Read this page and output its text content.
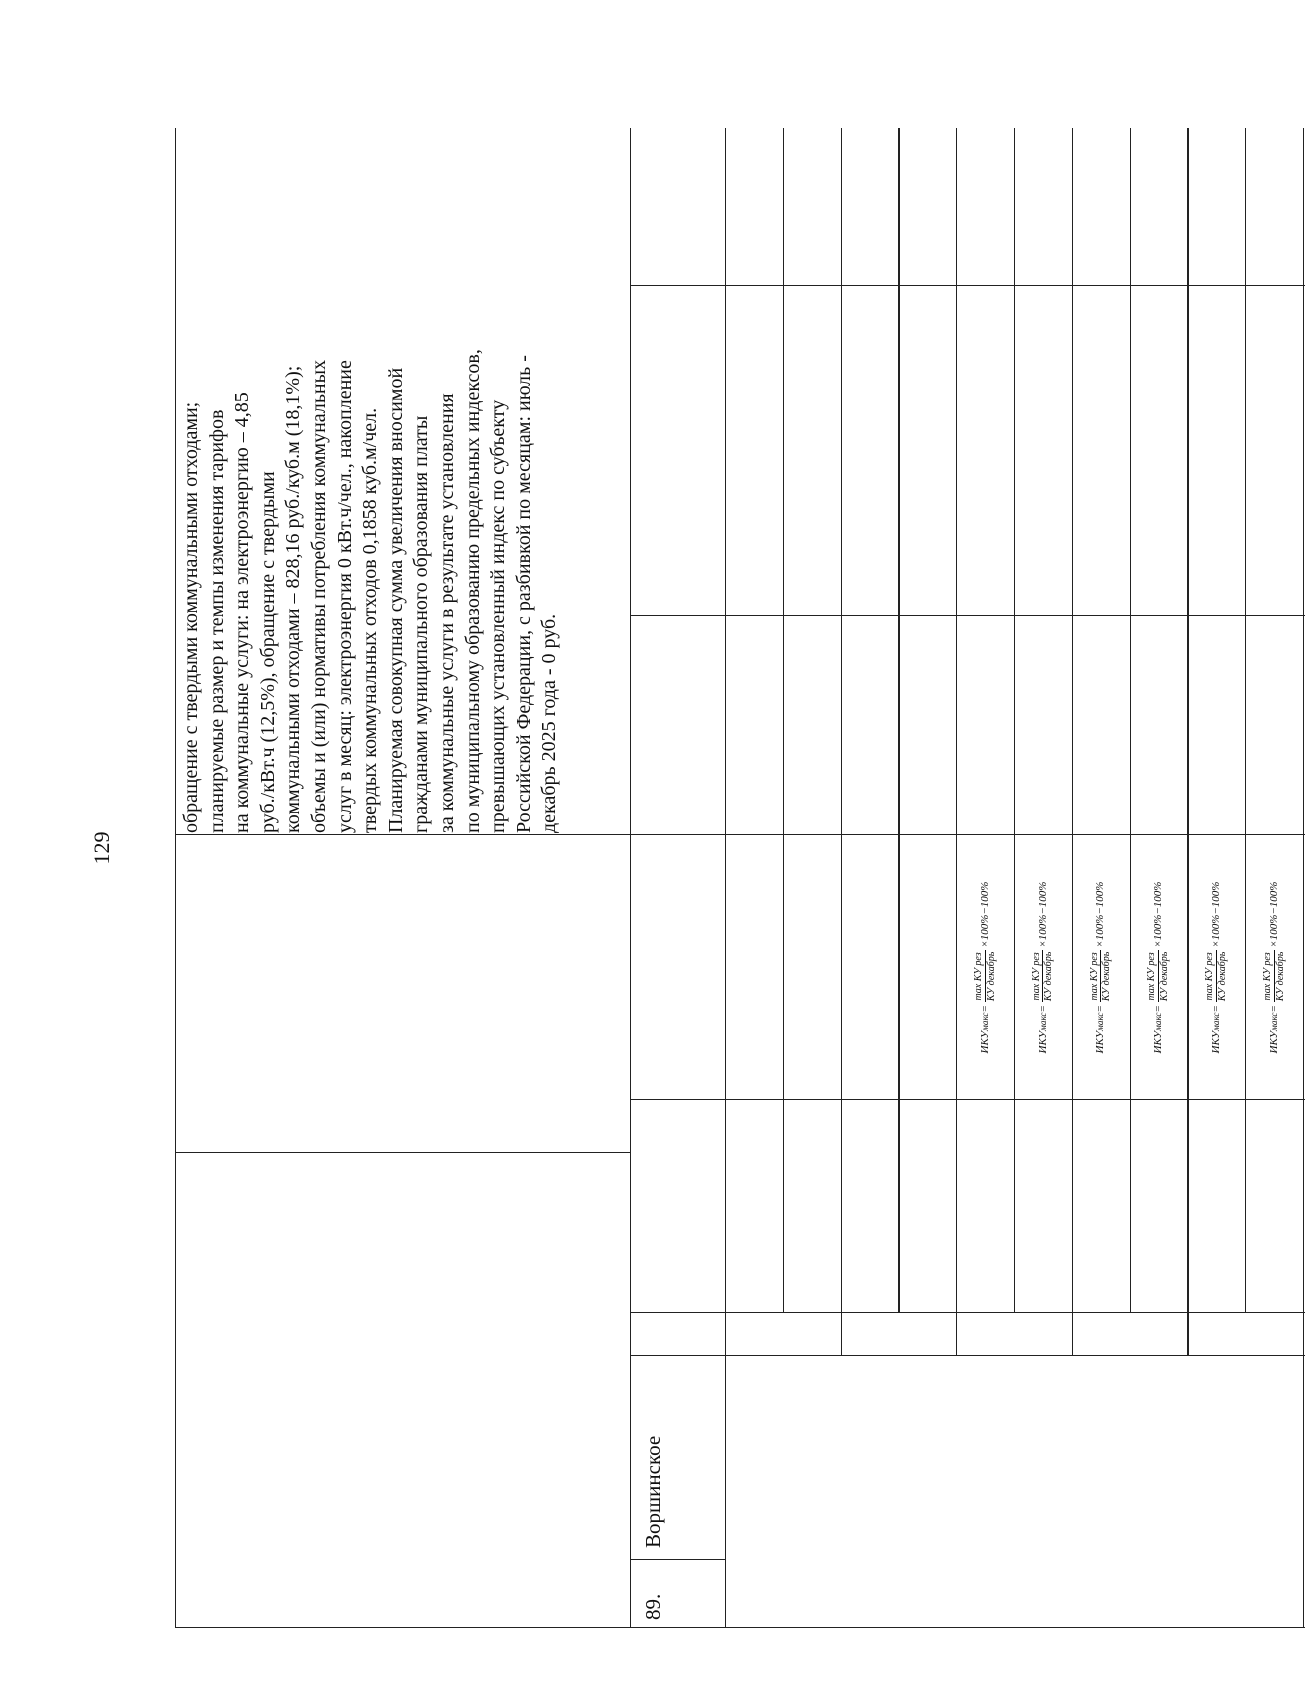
129
89.
Воршинское
обращение с твердыми коммунальными отходами;
планируемые размер и темпы изменения тарифов
на коммунальные услуги: на электроэнергию – 4,85
руб./кВт.ч (12,5%), обращение с твердыми
коммунальными отходами – 828,16 руб./куб.м (18,1%);
объемы и (или) нормативы потребления коммунальных
услуг в месяц: электроэнергия 0 кВт.ч/чел., накопление
твердых коммунальных отходов 0,1858 куб.м/чел.
Планируемая совокупная сумма увеличения вносимой
гражданами муниципального образования платы
за коммунальные услуги в результате установления
по муниципальному образованию предельных индексов,
превышающих установленный индекс по субъекту
Российской Федерации, с разбивкой по месяцам: июль -
декабрь 2025 года - 0 руб.
ИКУ
макс
=
max КУ рез КУ декабрь
×100%−100%
ИКУ
макс
=
max КУ рез КУ декабрь
×100%−100%
ИКУ
макс
=
max КУ рез КУ декабрь
×100%−100%
ИКУ
макс
=
max КУ рез КУ декабрь
×100%−100%
ИКУ
макс
=
max КУ рез КУ декабрь
×100%−100%
ИКУ
макс
=
max КУ рез КУ декабрь
×100%−100%
